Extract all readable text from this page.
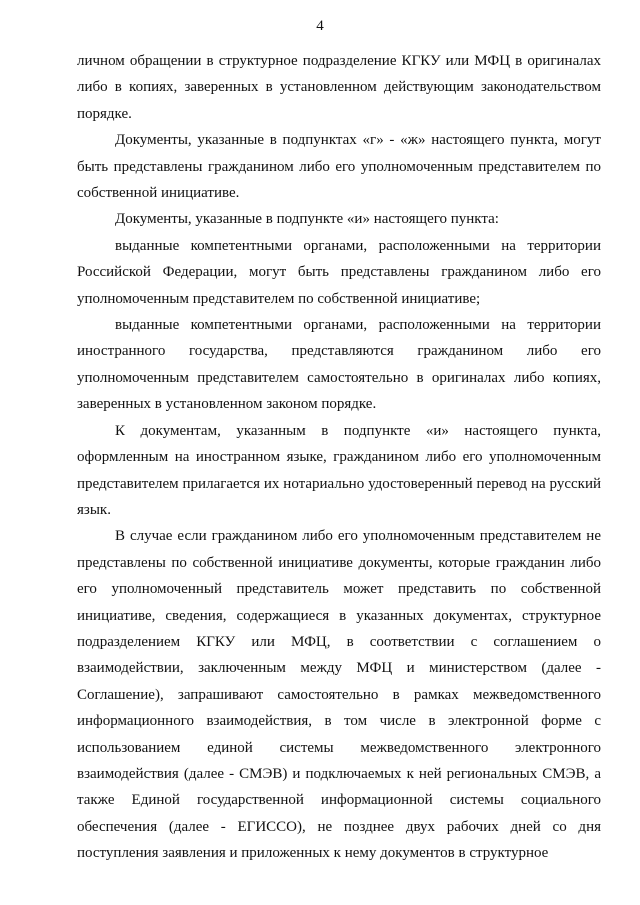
4

личном обращении в структурное подразделение КГКУ или МФЦ в оригиналах либо в копиях, заверенных в установленном действующим законодательством порядке.

Документы, указанные в подпунктах «г» - «ж» настоящего пункта, могут быть представлены гражданином либо его уполномоченным представителем по собственной инициативе.

Документы, указанные в подпункте «и» настоящего пункта:

выданные компетентными органами, расположенными на территории Российской Федерации, могут быть представлены гражданином либо его уполномоченным представителем по собственной инициативе;

выданные компетентными органами, расположенными на территории иностранного государства, представляются гражданином либо его уполномоченным представителем самостоятельно в оригиналах либо копиях, заверенных в установленном законом порядке.

К документам, указанным в подпункте «и» настоящего пункта, оформленным на иностранном языке, гражданином либо его уполномоченным представителем прилагается их нотариально удостоверенный перевод на русский язык.

В случае если гражданином либо его уполномоченным представителем не представлены по собственной инициативе документы, которые гражданин либо его уполномоченный представитель может представить по собственной инициативе, сведения, содержащиеся в указанных документах, структурное подразделением КГКУ или МФЦ, в соответствии с соглашением о взаимодействии, заключенным между МФЦ и министерством (далее - Соглашение), запрашивают самостоятельно в рамках межведомственного информационного взаимодействия, в том числе в электронной форме с использованием единой системы межведомственного электронного взаимодействия (далее - СМЭВ) и подключаемых к ней региональных СМЭВ, а также Единой государственной информационной системы социального обеспечения (далее - ЕГИССО), не позднее двух рабочих дней со дня поступления заявления и приложенных к нему документов в структурное
